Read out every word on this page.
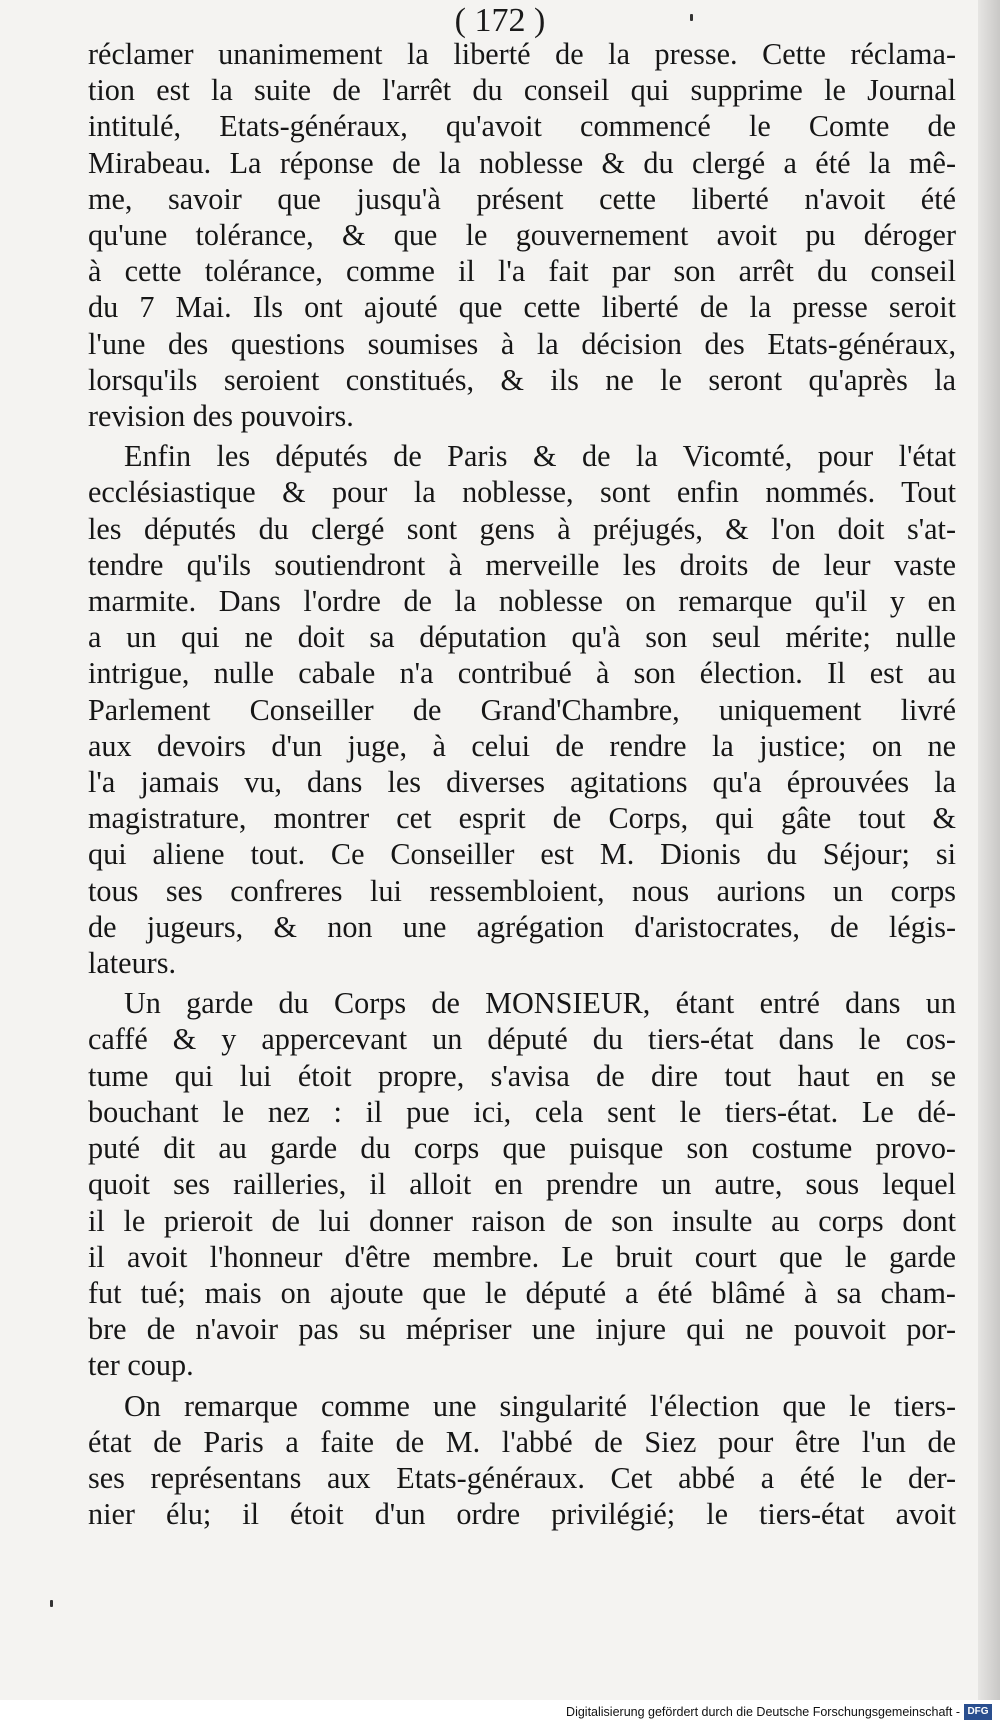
( 172 )
réclamer unanimement la liberté de la presse. Cette réclama-
tion est la suite de l'arrêt du conseil qui supprime le Journal
intitulé, Etats-généraux, qu'avoit commencé le Comte de
Mirabeau. La réponse de la noblesse & du clergé a été la mê-
me, savoir que jusqu'à présent cette liberté n'avoit été
qu'une tolérance, & que le gouvernement avoit pu déroger
à cette tolérance, comme il l'a fait par son arrêt du conseil
du 7 Mai. Ils ont ajouté que cette liberté de la presse seroit
l'une des questions soumises à la décision des Etats-généraux,
lorsqu'ils seroient constitués, & ils ne le seront qu'après la
revision des pouvoirs.
Enfin les députés de Paris & de la Vicomté, pour l'état
ecclésiastique & pour la noblesse, sont enfin nommés. Tout
les députés du clergé sont gens à préjugés, & l'on doit s'at-
tendre qu'ils soutiendront à merveille les droits de leur vaste
marmite. Dans l'ordre de la noblesse on remarque qu'il y en
a un qui ne doit sa députation qu'à son seul mérite; nulle
intrigue, nulle cabale n'a contribué à son élection. Il est au
Parlement Conseiller de Grand'Chambre, uniquement livré
aux devoirs d'un juge, à celui de rendre la justice; on ne
l'a jamais vu, dans les diverses agitations qu'a éprouvées la
magistrature, montrer cet esprit de Corps, qui gâte tout &
qui aliene tout. Ce Conseiller est M. Dionis du Séjour; si
tous ses confreres lui ressembloient, nous aurions un corps
de jugeurs, & non une agrégation d'aristocrates, de légis-
lateurs.
Un garde du Corps de MONSIEUR, étant entré dans un
caffé & y appercevant un député du tiers-état dans le cos-
tume qui lui étoit propre, s'avisa de dire tout haut en se
bouchant le nez : il pue ici, cela sent le tiers-état. Le dé-
puté dit au garde du corps que puisque son costume provo-
quoit ses railleries, il alloit en prendre un autre, sous lequel
il le prieroit de lui donner raison de son insulte au corps dont
il avoit l'honneur d'être membre. Le bruit court que le garde
fut tué; mais on ajoute que le député a été blâmé à sa cham-
bre de n'avoir pas su mépriser une injure qui ne pouvoit por-
ter coup.
On remarque comme une singularité l'élection que le tiers-
état de Paris a faite de M. l'abbé de Siez pour être l'un de
ses représentans aux Etats-généraux. Cet abbé a été le der-
nier élu; il étoit d'un ordre privilégié; le tiers-état avoit
Digitalisierung gefördert durch die Deutsche Forschungsgemeinschaft - DFG
